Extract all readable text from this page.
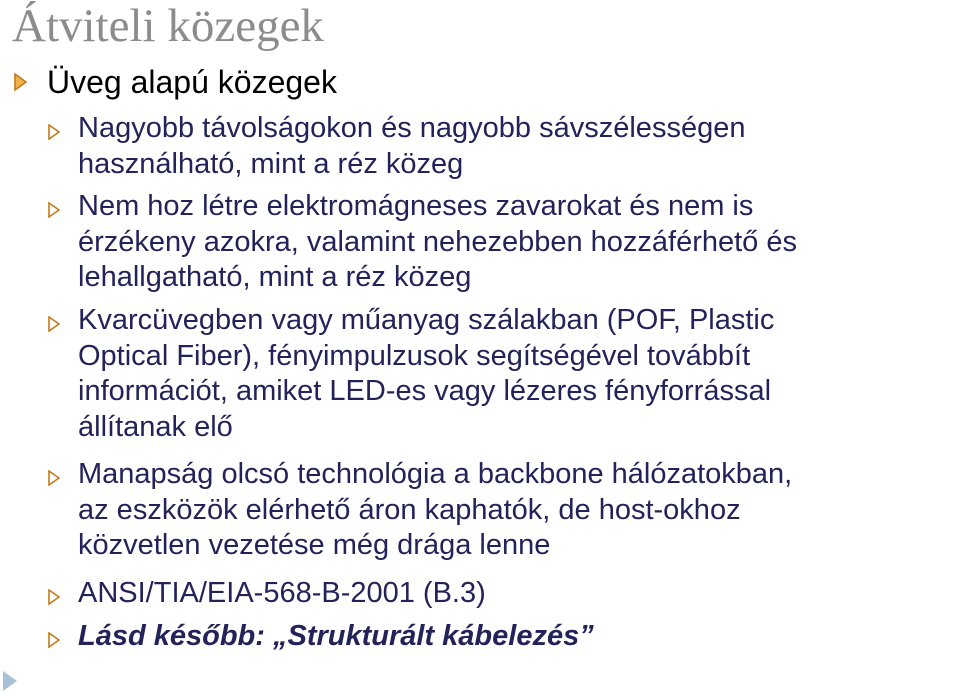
Átviteli közegek
Üveg alapú közegek
Nagyobb távolságokon és nagyobb sávszélességen
használható, mint a réz közeg
Nem hoz létre elektromágneses zavarokat és nem is
érzékeny azokra, valamint nehezebben hozzáférhető és
lehallgatható, mint a réz közeg
Kvarcüvegben vagy műanyag szálakban (POF, Plastic
Optical Fiber), fényimpulzusok segítségével továbbít
információt, amiket LED-es vagy lézeres fényforrással
állítanak elő
Manapság olcsó technológia a backbone hálózatokban,
az eszközök elérhető áron kaphatók, de host-okhoz
közvetlen vezetése még drága lenne
ANSI/TIA/EIA-568-B-2001 (B.3)
Lásd később: „Strukturált kábelezés”
